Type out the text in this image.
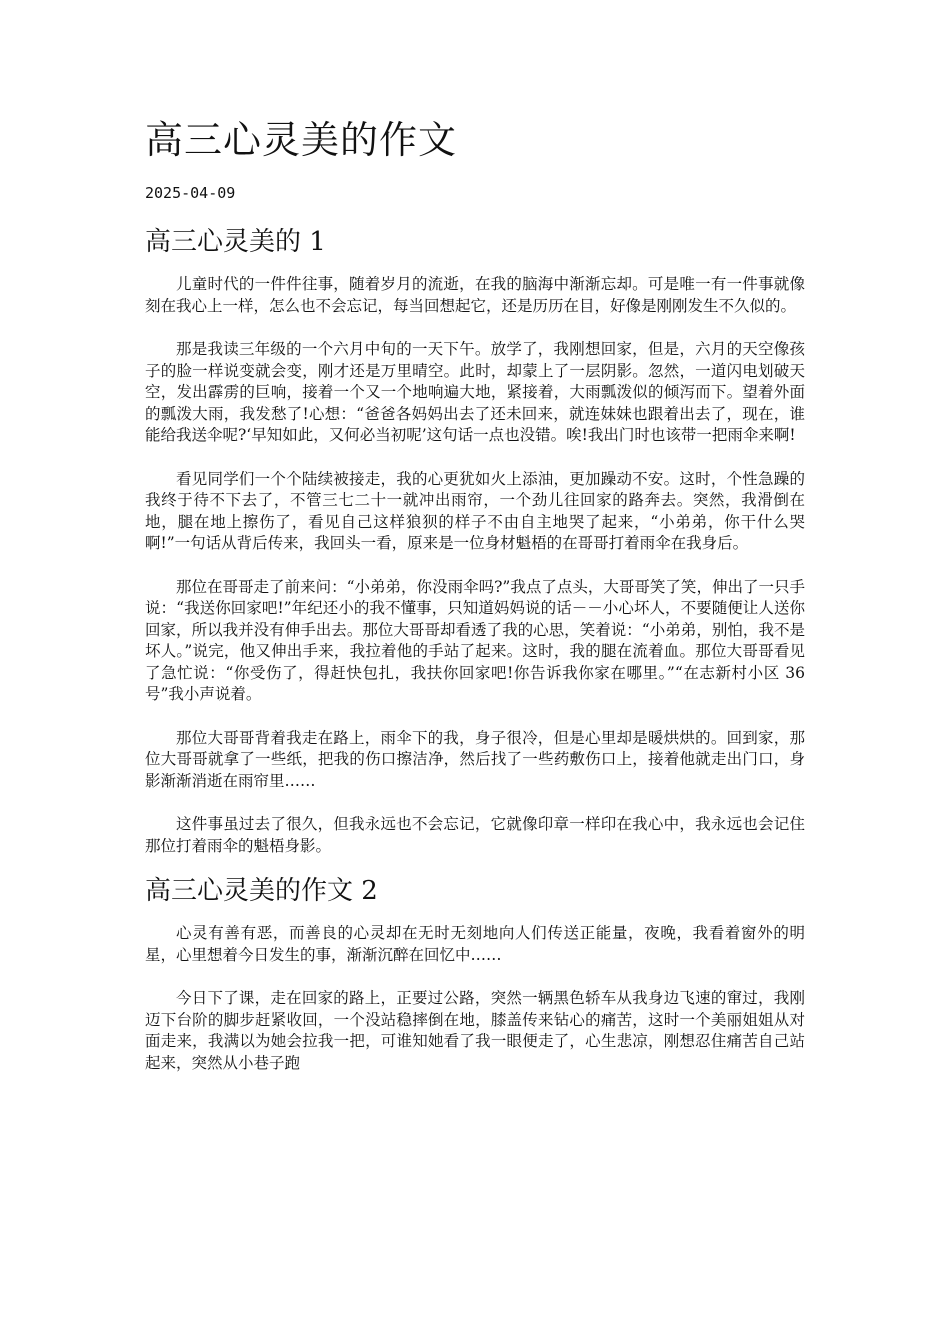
高三心灵美的作文
2025-04-09
高三心灵美的 1

儿童时代的一件件往事，随着岁月的流逝，在我的脑海中渐渐忘却。可是唯一有一件事就像刻在我心上一样，怎么也不会忘记，每当回想起它，还是历历在目，好像是刚刚发生不久似的。

那是我读三年级的一个六月中旬的一天下午。放学了，我刚想回家，但是，六月的天空像孩子的脸一样说变就会变，刚才还是万里晴空。此时，却蒙上了一层阴影。忽然，一道闪电划破天空，发出霹雳的巨响，接着一个又一个地响遍大地，紧接着，大雨瓢泼似的倾泻而下。望着外面的瓢泼大雨，我发愁了!心想：“爸爸各妈妈出去了还未回来，就连妹妹也跟着出去了，现在，谁能给我送伞呢?‘早知如此，又何必当初呢’这句话一点也没错。唉!我出门时也该带一把雨伞来啊!

看见同学们一个个陆续被接走，我的心更犹如火上添油，更加躁动不安。这时，个性急躁的我终于待不下去了，不管三七二十一就冲出雨帘，一个劲儿往回家的路奔去。突然，我滑倒在地，腿在地上擦伤了，看见自己这样狼狈的样子不由自主地哭了起来，“小弟弟，你干什么哭啊!”一句话从背后传来，我回头一看，原来是一位身材魁梧的在哥哥打着雨伞在我身后。

那位在哥哥走了前来问：“小弟弟，你没雨伞吗?”我点了点头，大哥哥笑了笑，伸出了一只手说：“我送你回家吧!”年纪还小的我不懂事，只知道妈妈说的话－－小心坏人，不要随便让人送你回家，所以我并没有伸手出去。那位大哥哥却看透了我的心思，笑着说：“小弟弟，别怕，我不是坏人。”说完，他又伸出手来，我拉着他的手站了起来。这时，我的腿在流着血。那位大哥哥看见了急忙说：“你受伤了，得赶快包扎，我扶你回家吧!你告诉我你家在哪里。”“在志新村小区 36 号”我小声说着。

那位大哥哥背着我走在路上，雨伞下的我，身子很冷，但是心里却是暖烘烘的。回到家，那位大哥哥就拿了一些纸，把我的伤口擦洁净，然后找了一些药敷伤口上，接着他就走出门口，身影渐渐消逝在雨帘里……

这件事虽过去了很久，但我永远也不会忘记，它就像印章一样印在我心中，我永远也会记住那位打着雨伞的魁梧身影。

高三心灵美的作文 2

心灵有善有恶，而善良的心灵却在无时无刻地向人们传送正能量，夜晚，我看着窗外的明星，心里想着今日发生的事，渐渐沉醉在回忆中……

今日下了课，走在回家的路上，正要过公路，突然一辆黑色轿车从我身边飞速的窜过，我刚迈下台阶的脚步赶紧收回，一个没站稳摔倒在地，膝盖传来钻心的痛苦，这时一个美丽姐姐从对面走来，我满以为她会拉我一把，可谁知她看了我一眼便走了，心生悲凉，刚想忍住痛苦自己站起来，突然从小巷子跑
